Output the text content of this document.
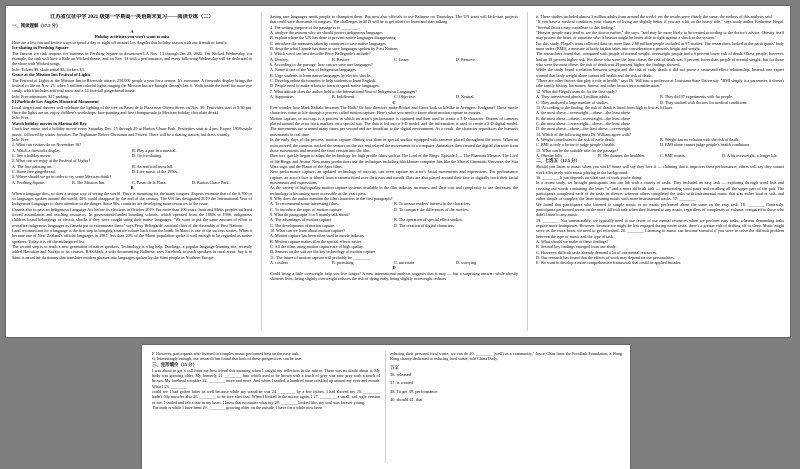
江苏省仪征中学 2021 级第一学期高一英语期末复习——阅读专练（二）

一、阅读理解（17.5 分）

A

Holiday activities you won't want to miss

Here are a few fun and festive ways to spend a day or night off around Los Angeles this holiday season with our friends or family.

Ice-skating in Pershing Square

The famous ice rink reopens for business in Pershing Square in downtown LA Nov. 13 through Jan 23, 2022. On Wicked Wednesday, for example, the rink will have a Ride on Wicked theme, and on Nov. 13 with a performance, and every following Wednesday will be dedicated to the show with Wicked songs.

Info: Tickets $9, skate rental $3, lockers $3.

Grace at the Mission Inn Festival of Lights

The Festival of Lights at the Mission Inn in Riverside attracts 250,000 people a year for a reason. It's awesome. A fireworks display brings the festival to life on Nov. 25, when 5 million colorful lights ranging the Mission Inn are brought through Jan. 6. Walk inside the hotel for more eye candy, which includes artificial snow and a 12-foot-tall gingerbread house.

Info: Free admission, $17 parking.

El Pueblo de Los Angeles Historical Monument

Local singers and dancers will celebrate the lighting of the tree on Paseo de la Plaza near Olvera Street on Nov. 30. Festivities start at 5:30 pm. Once the lights are on, enjoy children's workshops, face-painting and free champurrado (a Mexican holiday chocolate drink).

Info: Free.

Watch holiday movies in Marina del Rey

Catch live music and a holiday movie every Saturday Dec. 15 through 29 at Burton Chace Park. Festivities start at 4 pm. Expect 1950s-style music, followed by winter favorites The Nightmare Before Christmas and Frozen. There will be a skating station, but dress warmly.

Info: Free.

1. What can visitors do on November 16?

A. Watch a fireworks display.	B. Play a part in a musical.
C. See a holiday movie.	D. Go ice-skating.

2. What can we enjoy at the Festival of Lights?

A. The face painting art.	B. An artificial snowfall.
C. Some free gingerbread.	D. Live music of the 1950s.

3. Where should we go in order to try some Mexican drink?

A. Pershing Square.	B. The Mission Inn.	C. Paseo de la Plaza.	D. Burton Chace Park.

B

When a language dies, so does a unique way of seeing the world. There is mourning for the many tongues. Experts estimate that of the 6,700 or so languages spoken around the world, 40% could disappear by the end of the century. The UN has designated 2019 the International Year of Indigenous Languages to draw attention to the danger. Since 80s, countries are developing more resources to the issue.

Canada also to pass an Indigenous Language Act before its elections in October 2019. For more than 100 years, Inuit and Métis peoples suffered forced assimilation and teaching resources. In government-funded boarding schools, which operated from the 1880s to 1996, indigenous children found belongings or electric shocks if they were caught using their native languages. "We want to put the same amount of effort to revitalize indigenous languages as Canada put to exterminate them," says Perry Bellegarde, national chief of the Assembly of First Nations.

Land reconnection for a language is the first step in bringing a native culture back from the brink. In Maori is one of the success stories. When it became one of New Zealand's official languages in 1987, less than 20% of the Maori population spoke it well enough to be regarded as native speakers. Today it is off the endangered list.

The second step is to teach a new generation of native speakers. Technology is a big help. Duolingo, a popular language-learning site, recently added Hawaiian and Navajo to its courses. BASAbali, a wiki documenting Balinese, uses Facebook to teach speakers in rural areas. Say it in Sámi is an online dictionary that translates modern phrases into languages spoken by the Sámi people in Northern Europe.

Saving rare languages needs people to champion them. But now also officials to use Balinese on Thursdays. The UN want will kick-start projects that could save thousands of tongues. The challenges in 2019 will be to get others to listen and start talking.

4. The writing purpose of the passage is to ________.

A. analyze the reasons why we should protect indigenous languages

B. explain where the UN has done to prevent native languages disappearing

C. introduce the measures taken by countries to save native languages

D. describe what Canada has done to save languages spoken by First Nations

5. Which word can best describe Perry Bellegarde's attitude?

A. Destroy.	B. Restore.	C. Learn.	D. Remove.

6. According to the passage, how can we save rare languages?

A. Name it one of the Year of Indigenous languages.

B. Urge students to learn native languages by electric shocks.

C. Develop online dictionaries to help students to learn English.

D. People need to make efforts to learn or speak native languages.

7. What attitude does the author hold to the International Year of Indigenous Languages?

A. Supportive.	B. Indifferent.	C. Objective.	D. Neutral.

C

Ever wonder how Mark Raffalo becomes The Hulk? Or how directors make Rocket and Groot look so lifelike in Avengers: Endgame? These movie characters come to life through a process called motion capture. Here's what you need to know about motion capture in movies.

Motion capture, or mo-cap, is a process in which an actor's performance is captured and then used to create a 3-D character. Dozens of cameras placed around the actor track markers on a special suit. The data is fed into a 3-D model, and the information is used to create a 3-D digital model. The movements are scanned many times per second and are broadcast to the digital environment. As a result, the character reproduces the human's movements in real time.

In the early days of the process, motion capture filming was done in special studios equipped with cameras placed throughout the room. When an actor moved, the cameras tracked the sensors on the suit and relayed the movements to a computer. Animators then created the digital character from those movements and inserted the final version into the film.

Directors quickly began to adapt the technology for high profile films such as The Lord of the Rings: Episode I — The Phantom Menace, The Lord of the Rings, and Avatar. Now many productions use the technique, including blockbuster computer hits like the Marvel Cinematic Universe, the Star Wars saga, and the Planet of the Apes films.

New performance capture, an updated technology of mo-cap, can even capture an actor's facial movements and expressions. For performance capture, an actor's face is filmed from a camera fitted over their ears and mouth. Dots are also placed around their face to digitally track their facial movements and expressions.

As the variety of high-quality motion capture systems available in the film industry increases, and their cost and complexity to use decreases, the technology is becoming more accessible as the years pass.

8. Why does the author mention the film characters in the first paragraph?

A. To recommend some interesting films.	B. To arouse readers' interest in the characters.
C. To introduce the topic of motion capture.	D. To compare the differences of the movies.

9. What do paragraphs 3 to 5 mainly talk about?

A. The advantages of motion capture.	B. The operation of special effect studios.
C. The development of motion capture.	D. The creation of digital characters.

10. What can we learn about motion capture?

A. Motion capture has been often used in movie industry.

B. Motion capture makes film the special effects easier.

C. All the films using motion capture are of high quality.

D. Sensors on the suit are the key technology of motion capture.

11. The future of motion capture will probably be ________.

A. costless	B. promising	C. uncertain	D. worrying

D

Could being a little overweight help you live longer? A new international analysis suggests that it may — but a surprising answer: while obesity shortens lives, being slightly overweight reduces the risk of dying early, being slightly overweight reduces

it. These studies included almost 3 million adults from around the world, yet the results were clearly the same, the authors of this analysis said.

"If you have a medical condition, your chances of living are slightly better if you are a bit on the heavy side," says study author Katherine Flegal. "Several factors may contribute to this finding."

"Heavier people may tend to see the doctor earlier," she says, "and may be more likely to be treated according to the doctor's advice. Obesity itself may protect the heart, or someone who is heavier might be better able to fight against a shock to the system."

For this study, Flegal's team collected data on more than 2.88 million people included in 97 studies. The researchers looked at the participants' body mass index (BMI), a measure of body fat that takes into consideration a person's height and weight.

The researchers found that, compared with people of normal weight, overweight people had a 6 percent lower risk of death. Obese people, however, had an 18 percent higher risk. For those who were the least obese, the risk of death was 5 percent lower than people of normal weight, but for those who were the most obese, the risk of death was 29 percent higher, the findings showed.

While the study found a relation between weight and the risk of early death, it did not prove a cause-and-effect relationship. Instead, one expert warned that body weight alone cannot tell health and the risk of death.

"There are other factors that play a role in health," says Dr. William, a professor at Louisiana State University. "BMI simply is a parameter, it doesn't take family history, hormones, fitness, and other factors into consideration."

12. What did Flegal's team do for the first study?

A. They interviewed almost 3 million adults.	B. They did 97 experiments with fat people.
C. They analyzed a large number of studies.	D. They studied with doctors for medical conditions.

13. According to the finding, the risk of death is listed from high to low as follows

A. the most obese—overweight—obese—the least obese

B. the most obese—obese—overweight—the least obese

C. the most obese—overweight—obese—the least obese

D. the most obese—obese—the least obese—overweight

14. Which of the following must Dr. William agree with?

A. Weight contributes to the risk of early death.	B. Weight has no relation with the risk of death.
C. BMI is only a factor to judge people's health.	D. BMI alone cannot judge people's health conditions.

15. What can be the suitable title for the passage?

A. Obesity kills.	B. The thinner, the healthier.	C. BMI counts.	D. A bit overweight, a longer life.

二、七选五（12.5 分）

Should you listen to music when you work? Some will say they love it — claiming that it improves their performance; others will say they cannot work effectively with music playing in the background.

16. ________ It just depends on what sort of work you're doing.

In a recent study, we brought participants into our lab with a variety of tasks. They included an easy task — exploring through word lists and crossing out words containing the letter "a" and a more difficult task — memorizing word pairs and recalling all the upper part of the pair. The participants completed each of the tasks in silence, whereas others completed the tasks with instrumental music that was either loud or soft, and either simple or complex, the latter meaning music with more instrumental tracks. 17. ________

We found that participants who listened to simple music or no music performed about the same on the easy task. 18. ________ Contrarily, participants performed worse on the more difficult task when they listened to any music, regardless of complexity or volume, compared to those who didn't listen to any music.

19. ________ Not unreasonably, we typically need to use fewer of our mental resources when we perform easy tasks, whereas demanding tasks require more brainpower. However, because we might be less engaged during easier tasks, there's a greater risk of drifting off to sleep. Music might serve as the extra boost we need to get refreshed. 20. ________ Listening to music can become stressful if you were to solve the difficult problem between the type of music and the type of task.

A. What should we make of these findings?

B. Several key findings emerged from our study.

C. However, difficult tasks already demand a lot of our mental resources.

D. Our research has found that the effects of work may depend on our personalities.

E. We want to develop a more comprehensive framework that could be applied broader.

F. However, participants who listened to complex music performed best on the easy task.

G. Interestingly enough, our research has found that both of these perspectives can be true.

三、完形填空（15 分）

I was about to get a call from my best friend this morning when I caught my reflection in the mirror. There was no doubt about it. My body was growing older. My formerly 21. ________ hair which used to be brown with a touch of grey was now grey with a touch of brown. My forehead wrinkles 22. ________ more and more. And when I smiled, a hundred more crinkled up around my eyes and mouth. What I 23. ________

could see I had gotten fatter as well because while my waistline was 24. ________ by a few inches. I had shoved my 25. ________ hadn't. My muscles also 26. ________ to be sore after that. When I looked in the mirror again, I 27. ________ a small, sad, ugly version of me. I smiled and felt a tear in my heart. I knew that no matter what my 28. ________ looked like, my soul was forever young.

The truth is while I have been 29. ________ growing older on the outside, I have for a while now been

reducing their personal food waste, we can do 40. ________ (well) as a community," Joyce Chan from the Foodlink Foundation, a Hong Kong charity dedicated to reducing food waste, told China Daily.

答案

36. released

37. is wasted

38. To get 39. performance

40. should 41. that
